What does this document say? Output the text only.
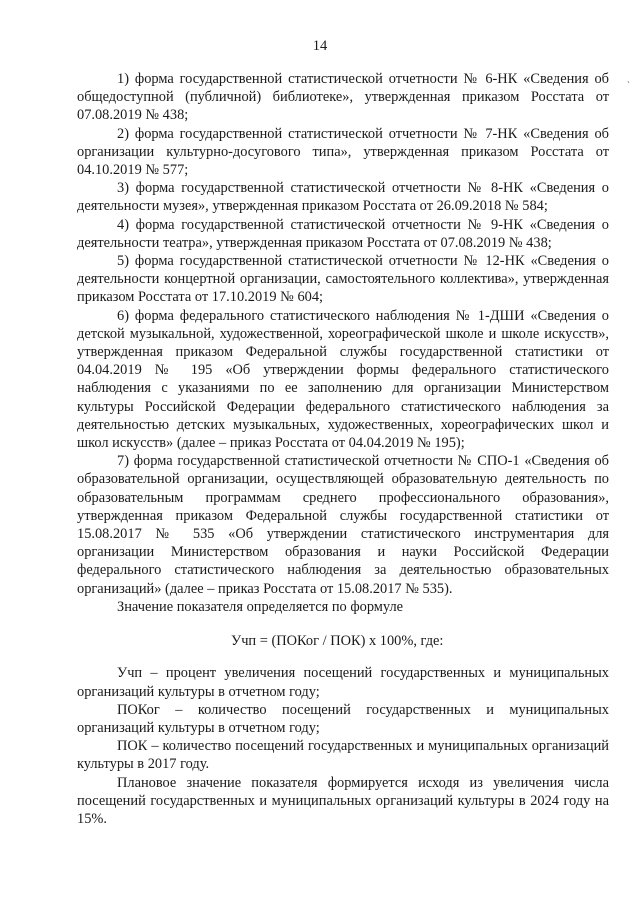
14
`

1) форма государственной статистической отчетности № 6-НК «Сведения об общедоступной (публичной) библиотеке», утвержденная приказом Росстата от 07.08.2019 № 438;

2) форма государственной статистической отчетности № 7-НК «Сведения об организации культурно-досугового типа», утвержденная приказом Росстата от 04.10.2019 № 577;

3) форма государственной статистической отчетности № 8-НК «Сведения о деятельности музея», утвержденная приказом Росстата от 26.09.2018 № 584;

4) форма государственной статистической отчетности № 9-НК «Сведения о деятельности театра», утвержденная приказом Росстата от 07.08.2019 № 438;

5) форма государственной статистической отчетности № 12-НК «Сведения о деятельности концертной организации, самостоятельного коллектива», утвержденная приказом Росстата от 17.10.2019 № 604;

6) форма федерального статистического наблюдения № 1-ДШИ «Сведения о детской музыкальной, художественной, хореографической школе и школе искусств», утвержденная приказом Федеральной службы государственной статистики от 04.04.2019 № 195 «Об утверждении формы федерального статистического наблюдения с указаниями по ее заполнению для организации Министерством культуры Российской Федерации федерального статистического наблюдения за деятельностью детских музыкальных, художественных, хореографических школ и школ искусств» (далее – приказ Росстата от 04.04.2019 № 195);

7) форма государственной статистической отчетности № СПО-1 «Сведения об образовательной организации, осуществляющей образовательную деятельность по образовательным программам среднего профессионального образования», утвержденная приказом Федеральной службы государственной статистики от 15.08.2017 № 535 «Об утверждении статистического инструментария для организации Министерством образования и науки Российской Федерации федерального статистического наблюдения за деятельностью образовательных организаций» (далее – приказ Росстата от 15.08.2017 № 535).

Значение показателя определяется по формуле

Учп = (ПОКог / ПОК) х 100%, где:

Учп – процент увеличения посещений государственных и муниципальных организаций культуры в отчетном году;

ПОКог – количество посещений государственных и муниципальных организаций культуры в отчетном году;

ПОК – количество посещений государственных и муниципальных организаций культуры в 2017 году.

Плановое значение показателя формируется исходя из увеличения числа посещений государственных и муниципальных организаций культуры в 2024 году на 15%.
